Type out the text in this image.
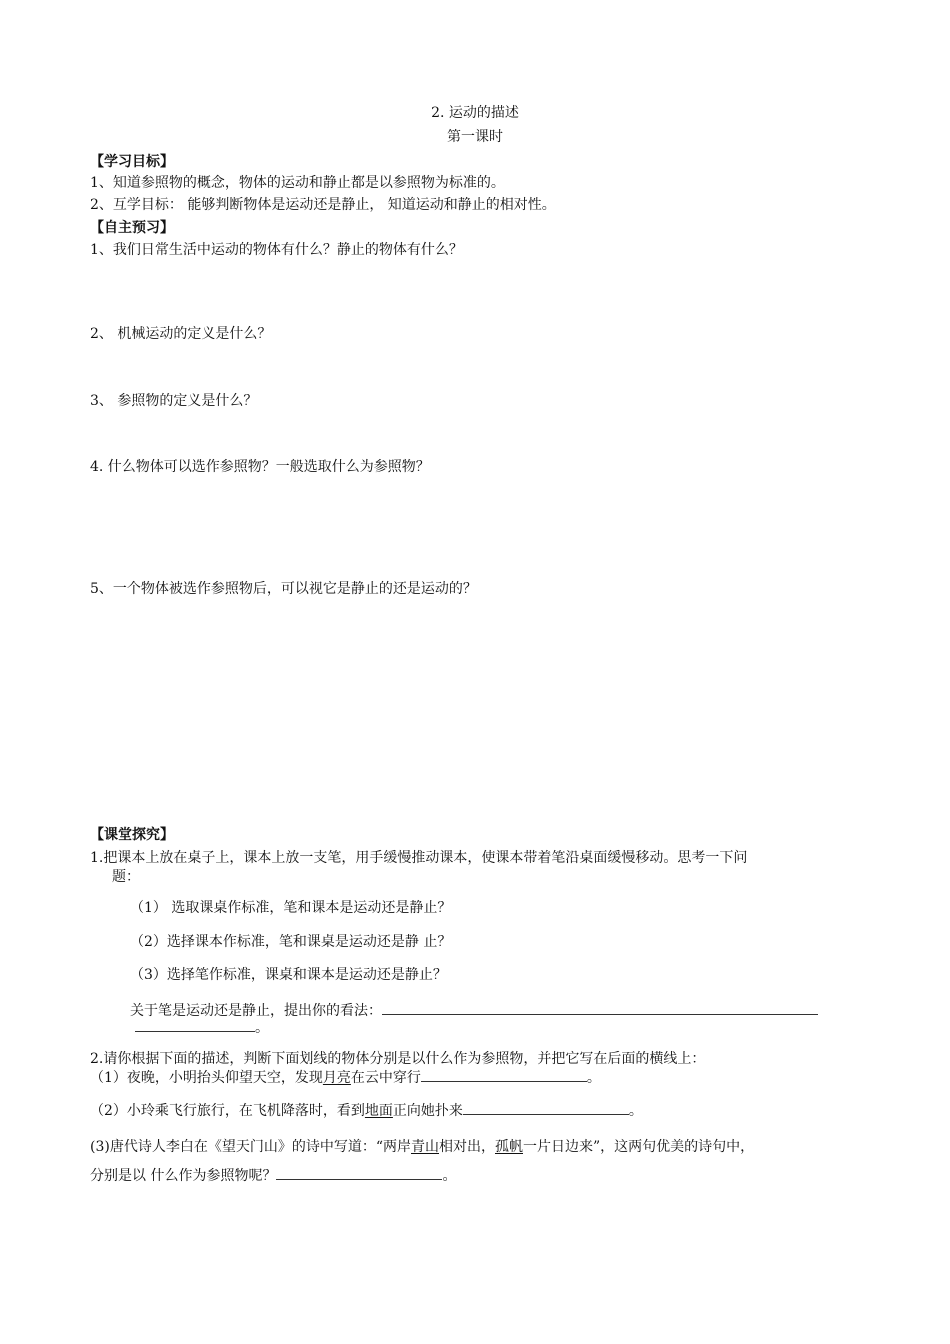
2. 运动的描述
第一课时
【学习目标】
1、知道参照物的概念，物体的运动和静止都是以参照物为标准的。
2、互学目标： 能够判断物体是运动还是静止， 知道运动和静止的相对性。
【自主预习】
1、我们日常生活中运动的物体有什么？静止的物体有什么？
2、 机械运动的定义是什么？
3、 参照物的定义是什么？
4. 什么物体可以选作参照物？一般选取什么为参照物？
5、一个物体被选作参照物后，可以视它是静止的还是运动的？
【课堂探究】
1.把课本上放在桌子上，课本上放一支笔，用手缓慢推动课本，使课本带着笔沿桌面缓慢移动。思考一下问
题：
（1） 选取课桌作标准，笔和课本是运动还是静止？
（2）选择课本作标准，笔和课桌是运动还是静 止？
（3）选择笔作标准，课桌和课本是运动还是静止？
关于笔是运动还是静止，提出你的看法：
。
2.请你根据下面的描述，判断下面划线的物体分别是以什么作为参照物，并把它写在后面的横线上：
（1）夜晚，小明抬头仰望天空，发现月亮在云中穿行	。
（2）小玲乘飞行旅行，在飞机降落时，看到地面正向她扑来	。
(3)唐代诗人李白在《望天门山》的诗中写道：“两岸青山相对出，孤帆一片日边来”，这两句优美的诗句中，
分别是以 什么作为参照物呢？	。
